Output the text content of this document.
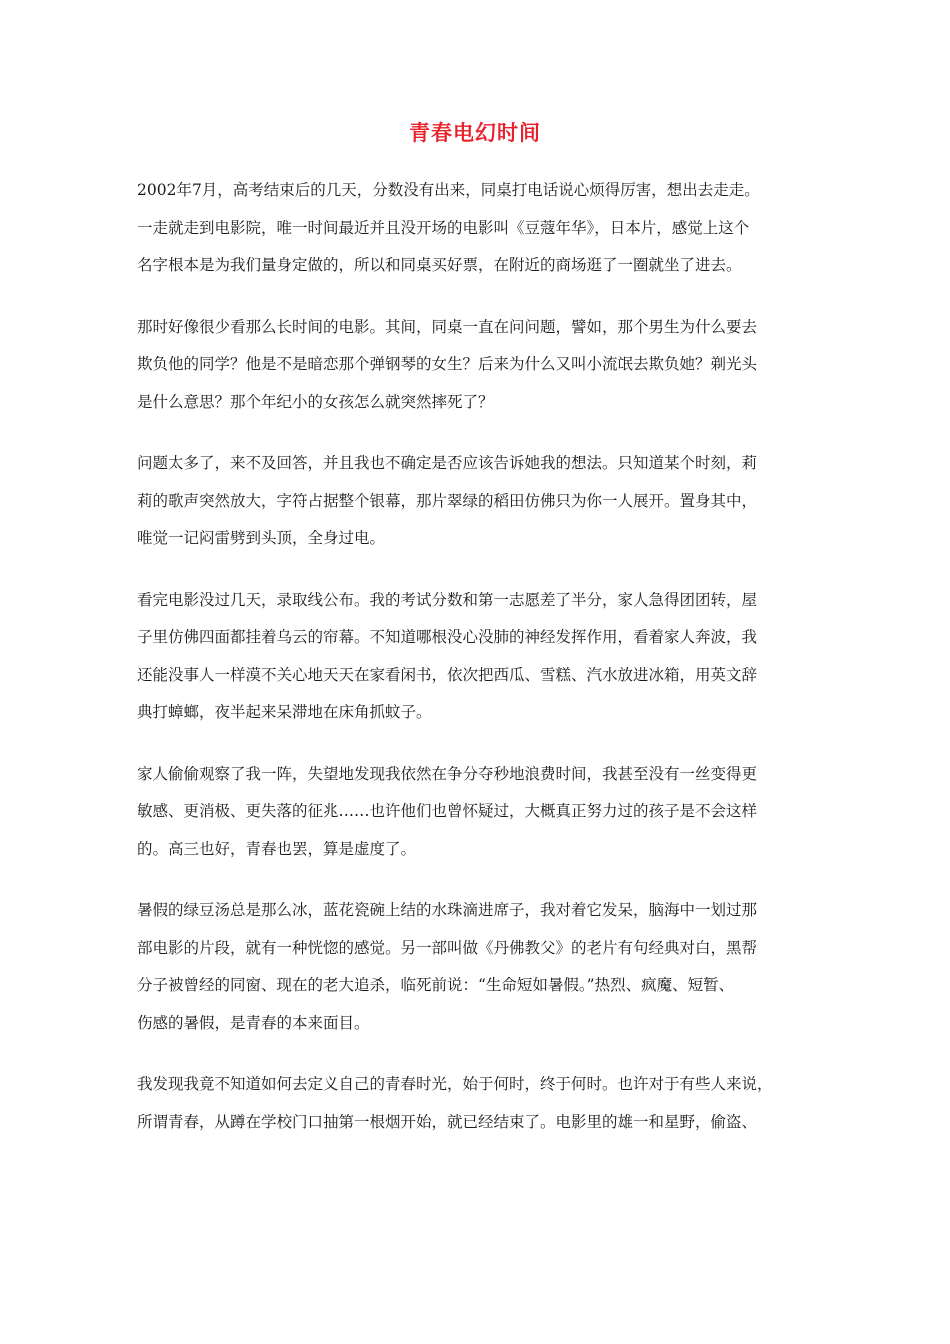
青春电幻时间
2002年7月，高考结束后的几天，分数没有出来，同桌打电话说心烦得厉害，想出去走走。
一走就走到电影院，唯一时间最近并且没开场的电影叫《豆蔻年华》，日本片，感觉上这个
名字根本是为我们量身定做的，所以和同桌买好票，在附近的商场逛了一圈就坐了进去。
那时好像很少看那么长时间的电影。其间，同桌一直在问问题，譬如，那个男生为什么要去
欺负他的同学？他是不是暗恋那个弹钢琴的女生？后来为什么又叫小流氓去欺负她？剃光头
是什么意思？那个年纪小的女孩怎么就突然摔死了？
问题太多了，来不及回答，并且我也不确定是否应该告诉她我的想法。只知道某个时刻，莉
莉的歌声突然放大，字符占据整个银幕，那片翠绿的稻田仿佛只为你一人展开。置身其中，
唯觉一记闷雷劈到头顶，全身过电。
看完电影没过几天，录取线公布。我的考试分数和第一志愿差了半分，家人急得团团转，屋
子里仿佛四面都挂着乌云的帘幕。不知道哪根没心没肺的神经发挥作用，看着家人奔波，我
还能没事人一样漠不关心地天天在家看闲书，依次把西瓜、雪糕、汽水放进冰箱，用英文辞
典打蟑螂，夜半起来呆滞地在床角抓蚊子。
家人偷偷观察了我一阵，失望地发现我依然在争分夺秒地浪费时间，我甚至没有一丝变得更
敏感、更消极、更失落的征兆……也许他们也曾怀疑过，大概真正努力过的孩子是不会这样
的。高三也好，青春也罢，算是虚度了。
暑假的绿豆汤总是那么冰，蓝花瓷碗上结的水珠滴进席子，我对着它发呆，脑海中一划过那
部电影的片段，就有一种恍惚的感觉。另一部叫做《丹佛教父》的老片有句经典对白，黑帮
分子被曾经的同窗、现在的老大追杀，临死前说：“生命短如暑假。”热烈、疯魔、短暂、
伤感的暑假，是青春的本来面目。
我发现我竟不知道如何去定义自己的青春时光，始于何时，终于何时。也许对于有些人来说，
所谓青春，从蹲在学校门口抽第一根烟开始，就已经结束了。电影里的雄一和星野，偷盗、
